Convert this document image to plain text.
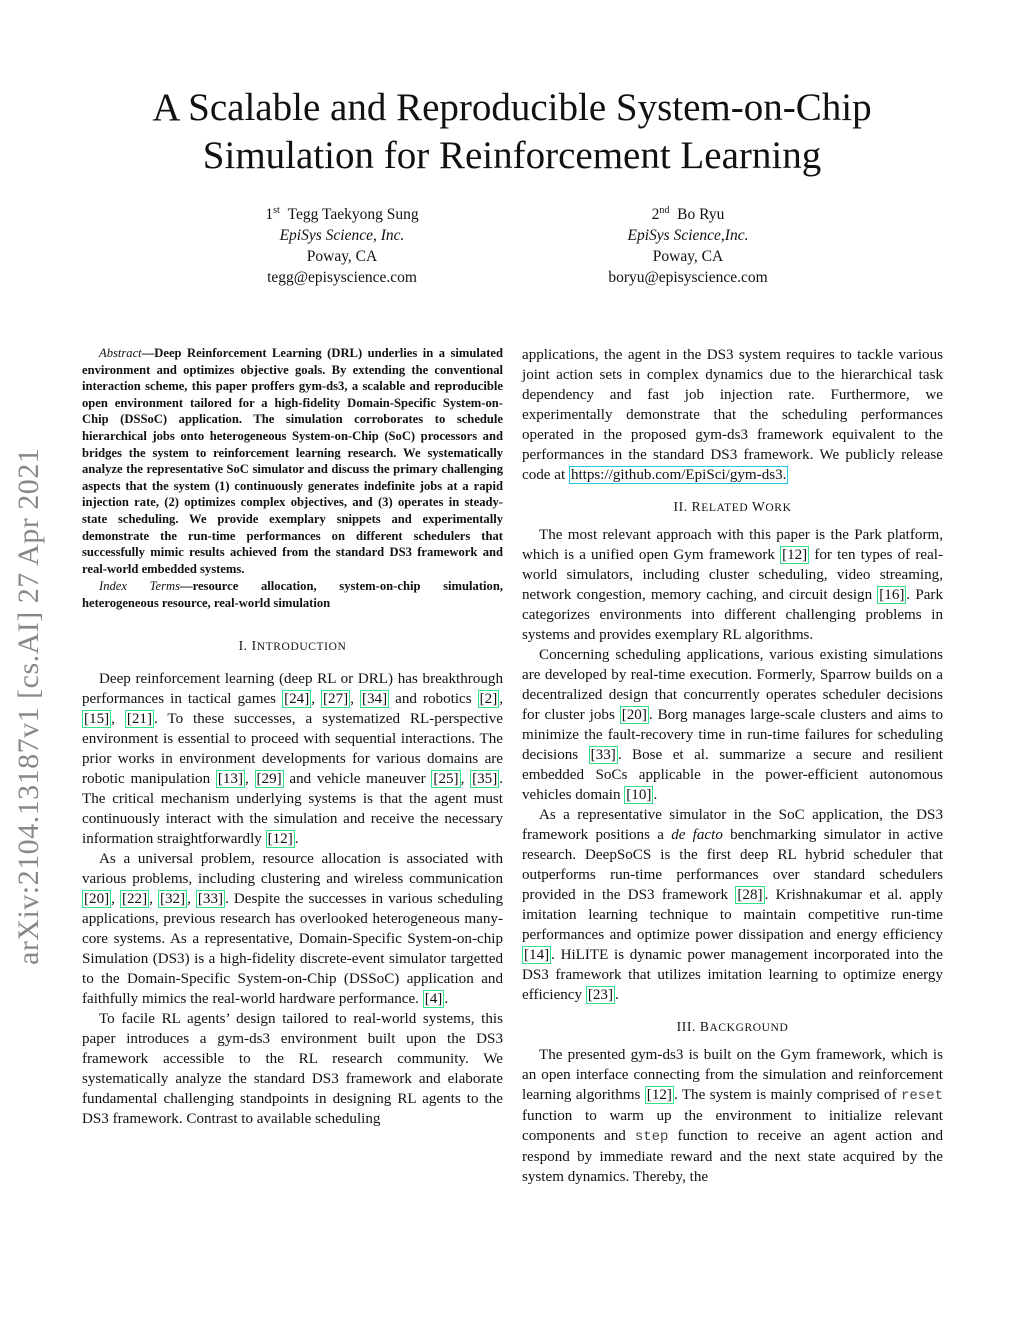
A Scalable and Reproducible System-on-Chip
Simulation for Reinforcement Learning
1st Tegg Taekyong Sung
EpiSys Science, Inc.
Poway, CA
tegg@episyscience.com
2nd Bo Ryu
EpiSys Science,Inc.
Poway, CA
boryu@episyscience.com
arXiv:2104.13187v1 [cs.AI] 27 Apr 2021

Abstract—Deep Reinforcement Learning (DRL) underlies in a simulated environment and optimizes objective goals. By extending the conventional interaction scheme, this paper proffers gym-ds3, a scalable and reproducible open environment tailored for a high-fidelity Domain-Specific System-on-Chip (DSSoC) application. The simulation corroborates to schedule hierarchical jobs onto heterogeneous System-on-Chip (SoC) processors and bridges the system to reinforcement learning research. We systematically analyze the representative SoC simulator and discuss the primary challenging aspects that the system (1) continuously generates indefinite jobs at a rapid injection rate, (2) optimizes complex objectives, and (3) operates in steady-state scheduling. We provide exemplary snippets and experimentally demonstrate the run-time performances on different schedulers that successfully mimic results achieved from the standard DS3 framework and real-world embedded systems.

Index Terms—resource allocation, system-on-chip simulation, heterogeneous resource, real-world simulation

I. INTRODUCTION

Deep reinforcement learning (deep RL or DRL) has breakthrough performances in tactical games [24] , [27] , [34] and robotics [2] , [15] , [21] . To these successes, a systematized RL-perspective environment is essential to proceed with sequential interactions. The prior works in environment developments for various domains are robotic manipulation [13] , [29] and vehicle maneuver [25] , [35] . The critical mechanism underlying systems is that the agent must continuously interact with the simulation and receive the necessary information straightforwardly [12] .

As a universal problem, resource allocation is associated with various problems, including clustering and wireless communication [20] , [22] , [32] , [33] . Despite the successes in various scheduling applications, previous research has overlooked heterogeneous many-core systems. As a representative, Domain-Specific System-on-chip Simulation (DS3) is a high-fidelity discrete-event simulator targetted to the Domain-Specific System-on-Chip (DSSoC) application and faithfully mimics the real-world hardware performance. [4] .

To facile RL agents’ design tailored to real-world systems, this paper introduces a gym-ds3 environment built upon the DS3 framework accessible to the RL research community. We systematically analyze the standard DS3 framework and elaborate fundamental challenging standpoints in designing RL agents to the DS3 framework. Contrast to available scheduling

applications, the agent in the DS3 system requires to tackle various joint action sets in complex dynamics due to the hierarchical task dependency and fast job injection rate. Furthermore, we experimentally demonstrate that the scheduling performances operated in the proposed gym-ds3 framework equivalent to the performances in the standard DS3 framework. We publicly release code at https://github.com/EpiSci/gym-ds3.

II. RELATED WORK

The most relevant approach with this paper is the Park platform, which is a unified open Gym framework [12] for ten types of real-world simulators, including cluster scheduling, video streaming, network congestion, memory caching, and circuit design [16] . Park categorizes environments into different challenging problems in systems and provides exemplary RL algorithms.

Concerning scheduling applications, various existing simulations are developed by real-time execution. Formerly, Sparrow builds on a decentralized design that concurrently operates scheduler decisions for cluster jobs [20] . Borg manages large-scale clusters and aims to minimize the fault-recovery time in run-time failures for scheduling decisions [33] . Bose et al. summarize a secure and resilient embedded SoCs applicable in the power-efficient autonomous vehicles domain [10] .

As a representative simulator in the SoC application, the DS3 framework positions a de facto benchmarking simulator in active research. DeepSoCS is the first deep RL hybrid scheduler that outperforms run-time performances over standard schedulers provided in the DS3 framework [28] . Krishnakumar et al. apply imitation learning technique to maintain competitive run-time performances and optimize power dissipation and energy efficiency [14] . HiLITE is dynamic power management incorporated into the DS3 framework that utilizes imitation learning to optimize energy efficiency [23] .

III. BACKGROUND

The presented gym-ds3 is built on the Gym framework, which is an open interface connecting from the simulation and reinforcement learning algorithms [12] . The system is mainly comprised of reset function to warm up the environment to initialize relevant components and step function to receive an agent action and respond by immediate reward and the next state acquired by the system dynamics. Thereby, the
